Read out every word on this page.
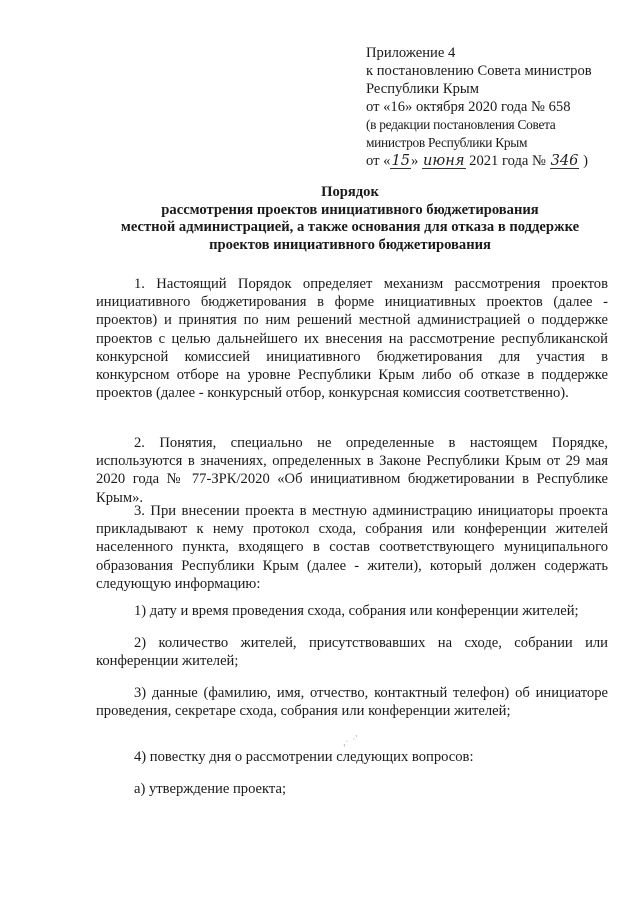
Приложение 4
к постановлению Совета министров
Республики Крым
от «16» октября 2020 года № 658
(в редакции постановления Совета
министров Республики Крым
от «15» июня 2021 года № 346 )
Порядок
рассмотрения проектов инициативного бюджетирования
местной администрацией, а также основания для отказа в поддержке
проектов инициативного бюджетирования

1. Настоящий Порядок определяет механизм рассмотрения проектов инициативного бюджетирования в форме инициативных проектов (далее - проектов) и принятия по ним решений местной администрацией о поддержке проектов с целью дальнейшего их внесения на рассмотрение республиканской конкурсной комиссией инициативного бюджетирования для участия в конкурсном отборе на уровне Республики Крым либо об отказе в поддержке проектов (далее - конкурсный отбор, конкурсная комиссия соответственно).

2. Понятия, специально не определенные в настоящем Порядке, используются в значениях, определенных в Законе Республики Крым от 29 мая 2020 года № 77-ЗРК/2020 «Об инициативном бюджетировании в Республике Крым».

3. При внесении проекта в местную администрацию инициаторы проекта прикладывают к нему протокол схода, собрания или конференции жителей населенного пункта, входящего в состав соответствующего муниципального образования Республики Крым (далее - жители), который должен содержать следующую информацию:

1) дату и время проведения схода, собрания или конференции жителей;

2) количество жителей, присутствовавших на сходе, собрании или конференции жителей;

3) данные (фамилию, имя, отчество, контактный телефон) об инициаторе проведения, секретаре схода, собрания или конференции жителей;

,· ·'

4) повестку дня о рассмотрении следующих вопросов:

а) утверждение проекта;
